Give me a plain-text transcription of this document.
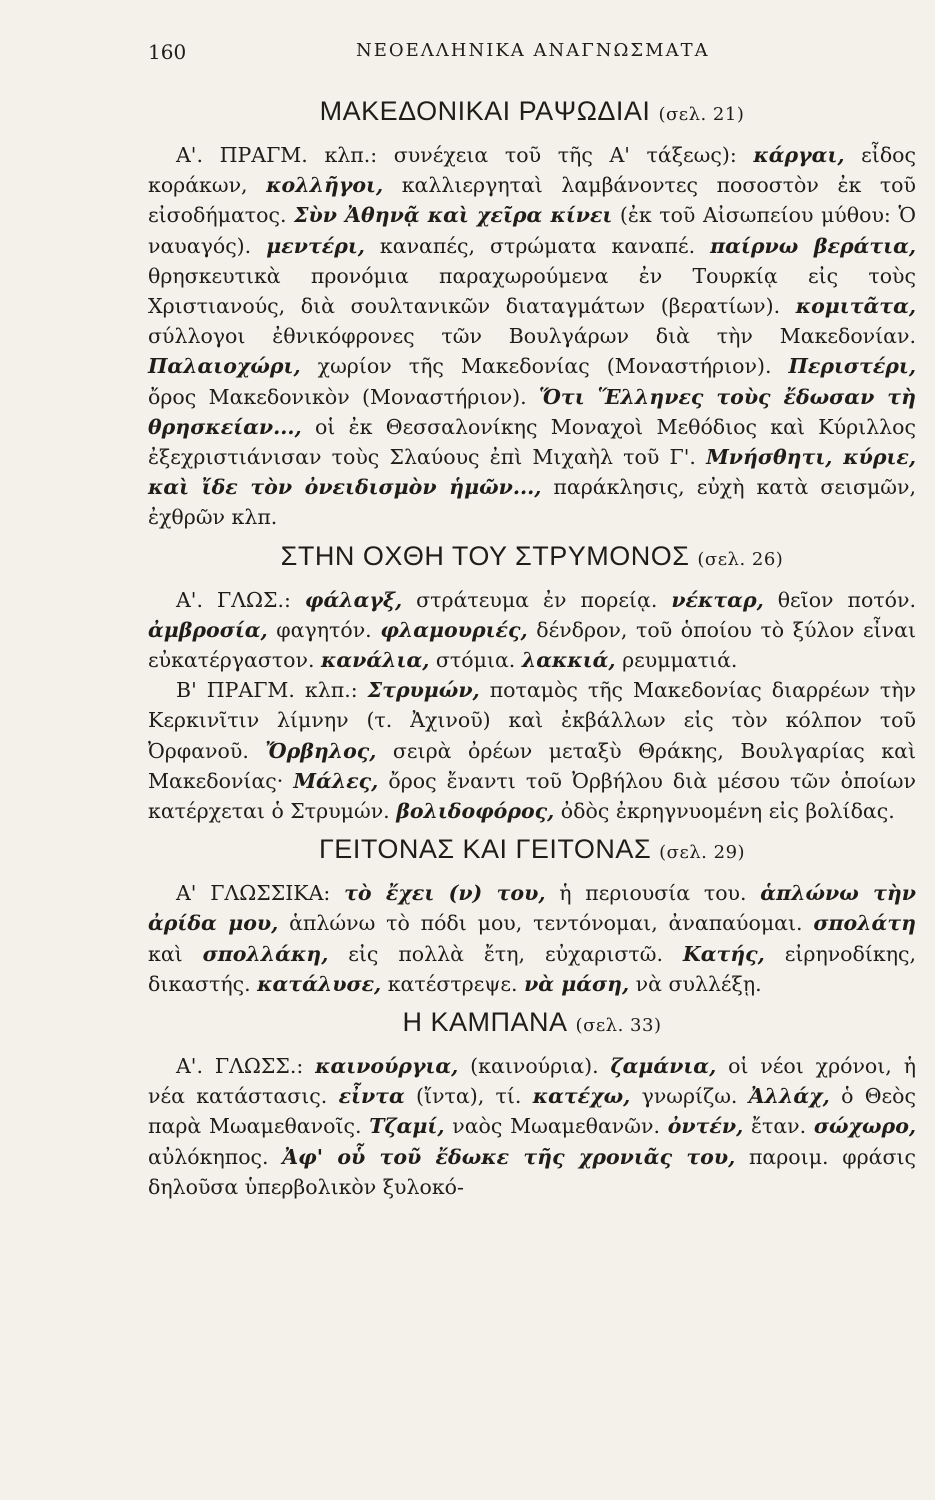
160	ΝΕΟΕΛΛΗΝΙΚΑ ΑΝΑΓΝΩΣΜΑΤΑ
ΜΑΚΕΔΟΝΙΚΑΙ ΡΑΨΩΔΙΑΙ (σελ. 21)

Α'. ΠΡΑΓΜ. κλπ.: συνέχεια τοῦ τῆς Α' τάξεως): κάργαι, εἶδος κοράκων, κολλῆγοι, καλλιεργηταὶ λαμβάνοντες ποσοστὸν ἐκ τοῦ εἰσοδήματος. Σὺν Ἀθηνᾷ καὶ χεῖρα κίνει (ἐκ τοῦ Αἰσωπείου μύθου: Ὁ ναυαγός). μεντέρι, καναπές, στρώματα καναπέ. παίρνω βεράτια, θρησκευτικὰ προνόμια παραχωρούμενα ἐν Τουρκίᾳ εἰς τοὺς Χριστιανούς, διὰ σουλτανικῶν διαταγμάτων (βερατίων). κομιτᾶτα, σύλλογοι ἐθνικόφρονες τῶν Βουλγάρων διὰ τὴν Μακεδονίαν. Παλαιοχώρι, χωρίον τῆς Μακεδονίας (Μοναστήριον). Περιστέρι, ὄρος Μακεδονικὸν (Μοναστήριον). Ὅτι Ἕλληνες τοὺς ἔδωσαν τὴ θρησκείαν..., οἱ ἐκ Θεσσαλονίκης Μοναχοὶ Μεθόδιος καὶ Κύριλλος ἐξεχριστιάνισαν τοὺς Σλαύους ἐπὶ Μιχαὴλ τοῦ Γ'. Μνήσθητι, κύριε, καὶ ἴδε τὸν ὀνειδισμὸν ἡμῶν..., παράκλησις, εὐχὴ κατὰ σεισμῶν, ἐχθρῶν κλπ.

ΣΤΗΝ ΟΧΘΗ ΤΟΥ ΣΤΡΥΜΟΝΟΣ (σελ. 26)

Α'. ΓΛΩΣ.: φάλαγξ, στράτευμα ἐν πορείᾳ. νέκταρ, θεῖον ποτόν. ἀμβροσία, φαγητόν. φλαμουριές, δένδρον, τοῦ ὁποίου τὸ ξύλον εἶναι εὐκατέργαστον. κανάλια, στόμια. λακκιά, ρευμματιά.

Β' ΠΡΑΓΜ. κλπ.: Στρυμών, ποταμὸς τῆς Μακεδονίας διαρρέων τὴν Κερκινῖτιν λίμνην (τ. Ἀχινοῦ) καὶ ἐκβάλλων εἰς τὸν κόλπον τοῦ Ὀρφανοῦ. Ὄρβηλος, σειρὰ ὀρέων μεταξὺ Θράκης, Βουλγαρίας καὶ Μακεδονίας· Μάλες, ὄρος ἔναντι τοῦ Ὀρβήλου διὰ μέσου τῶν ὁποίων κατέρχεται ὁ Στρυμών. βολιδοφόρος, ὀδὸς ἐκρηγνυομένη εἰς βολίδας.

ΓΕΙΤΟΝΑΣ ΚΑΙ ΓΕΙΤΟΝΑΣ (σελ. 29)

Α' ΓΛΩΣΣΙΚΑ: τὸ ἔχει (ν) του, ἡ περιουσία του. ἁπλώνω τὴν ἀρίδα μου, ἁπλώνω τὸ πόδι μου, τεντόνομαι, ἀναπαύομαι. σπολάτη καὶ σπολλάκη, εἰς πολλὰ ἔτη, εὐχαριστῶ. Κατής, εἰρηνοδίκης, δικαστής. κατάλυσε, κατέστρεψε. νὰ μάση, νὰ συλλέξῃ.

Η ΚΑΜΠΑΝΑ (σελ. 33)

Α'. ΓΛΩΣΣ.: καινούργια, (καινούρια). ζαμάνια, οἱ νέοι χρόνοι, ἡ νέα κατάστασις. εἶντα (ἴντα), τί. κατέχω, γνωρίζω. Ἀλλάχ, ὁ Θεὸς παρὰ Μωαμεθανοῖς. Τζαμί, ναὸς Μωαμεθανῶν. ὀντέν, ἔταν. σώχωρο, αὐλόκηπος. Ἀφ' οὗ τοῦ ἔδωκε τῆς χρονιᾶς του, παροιμ. φράσις δηλοῦσα ὑπερβολικὸν ξυλοκό-
